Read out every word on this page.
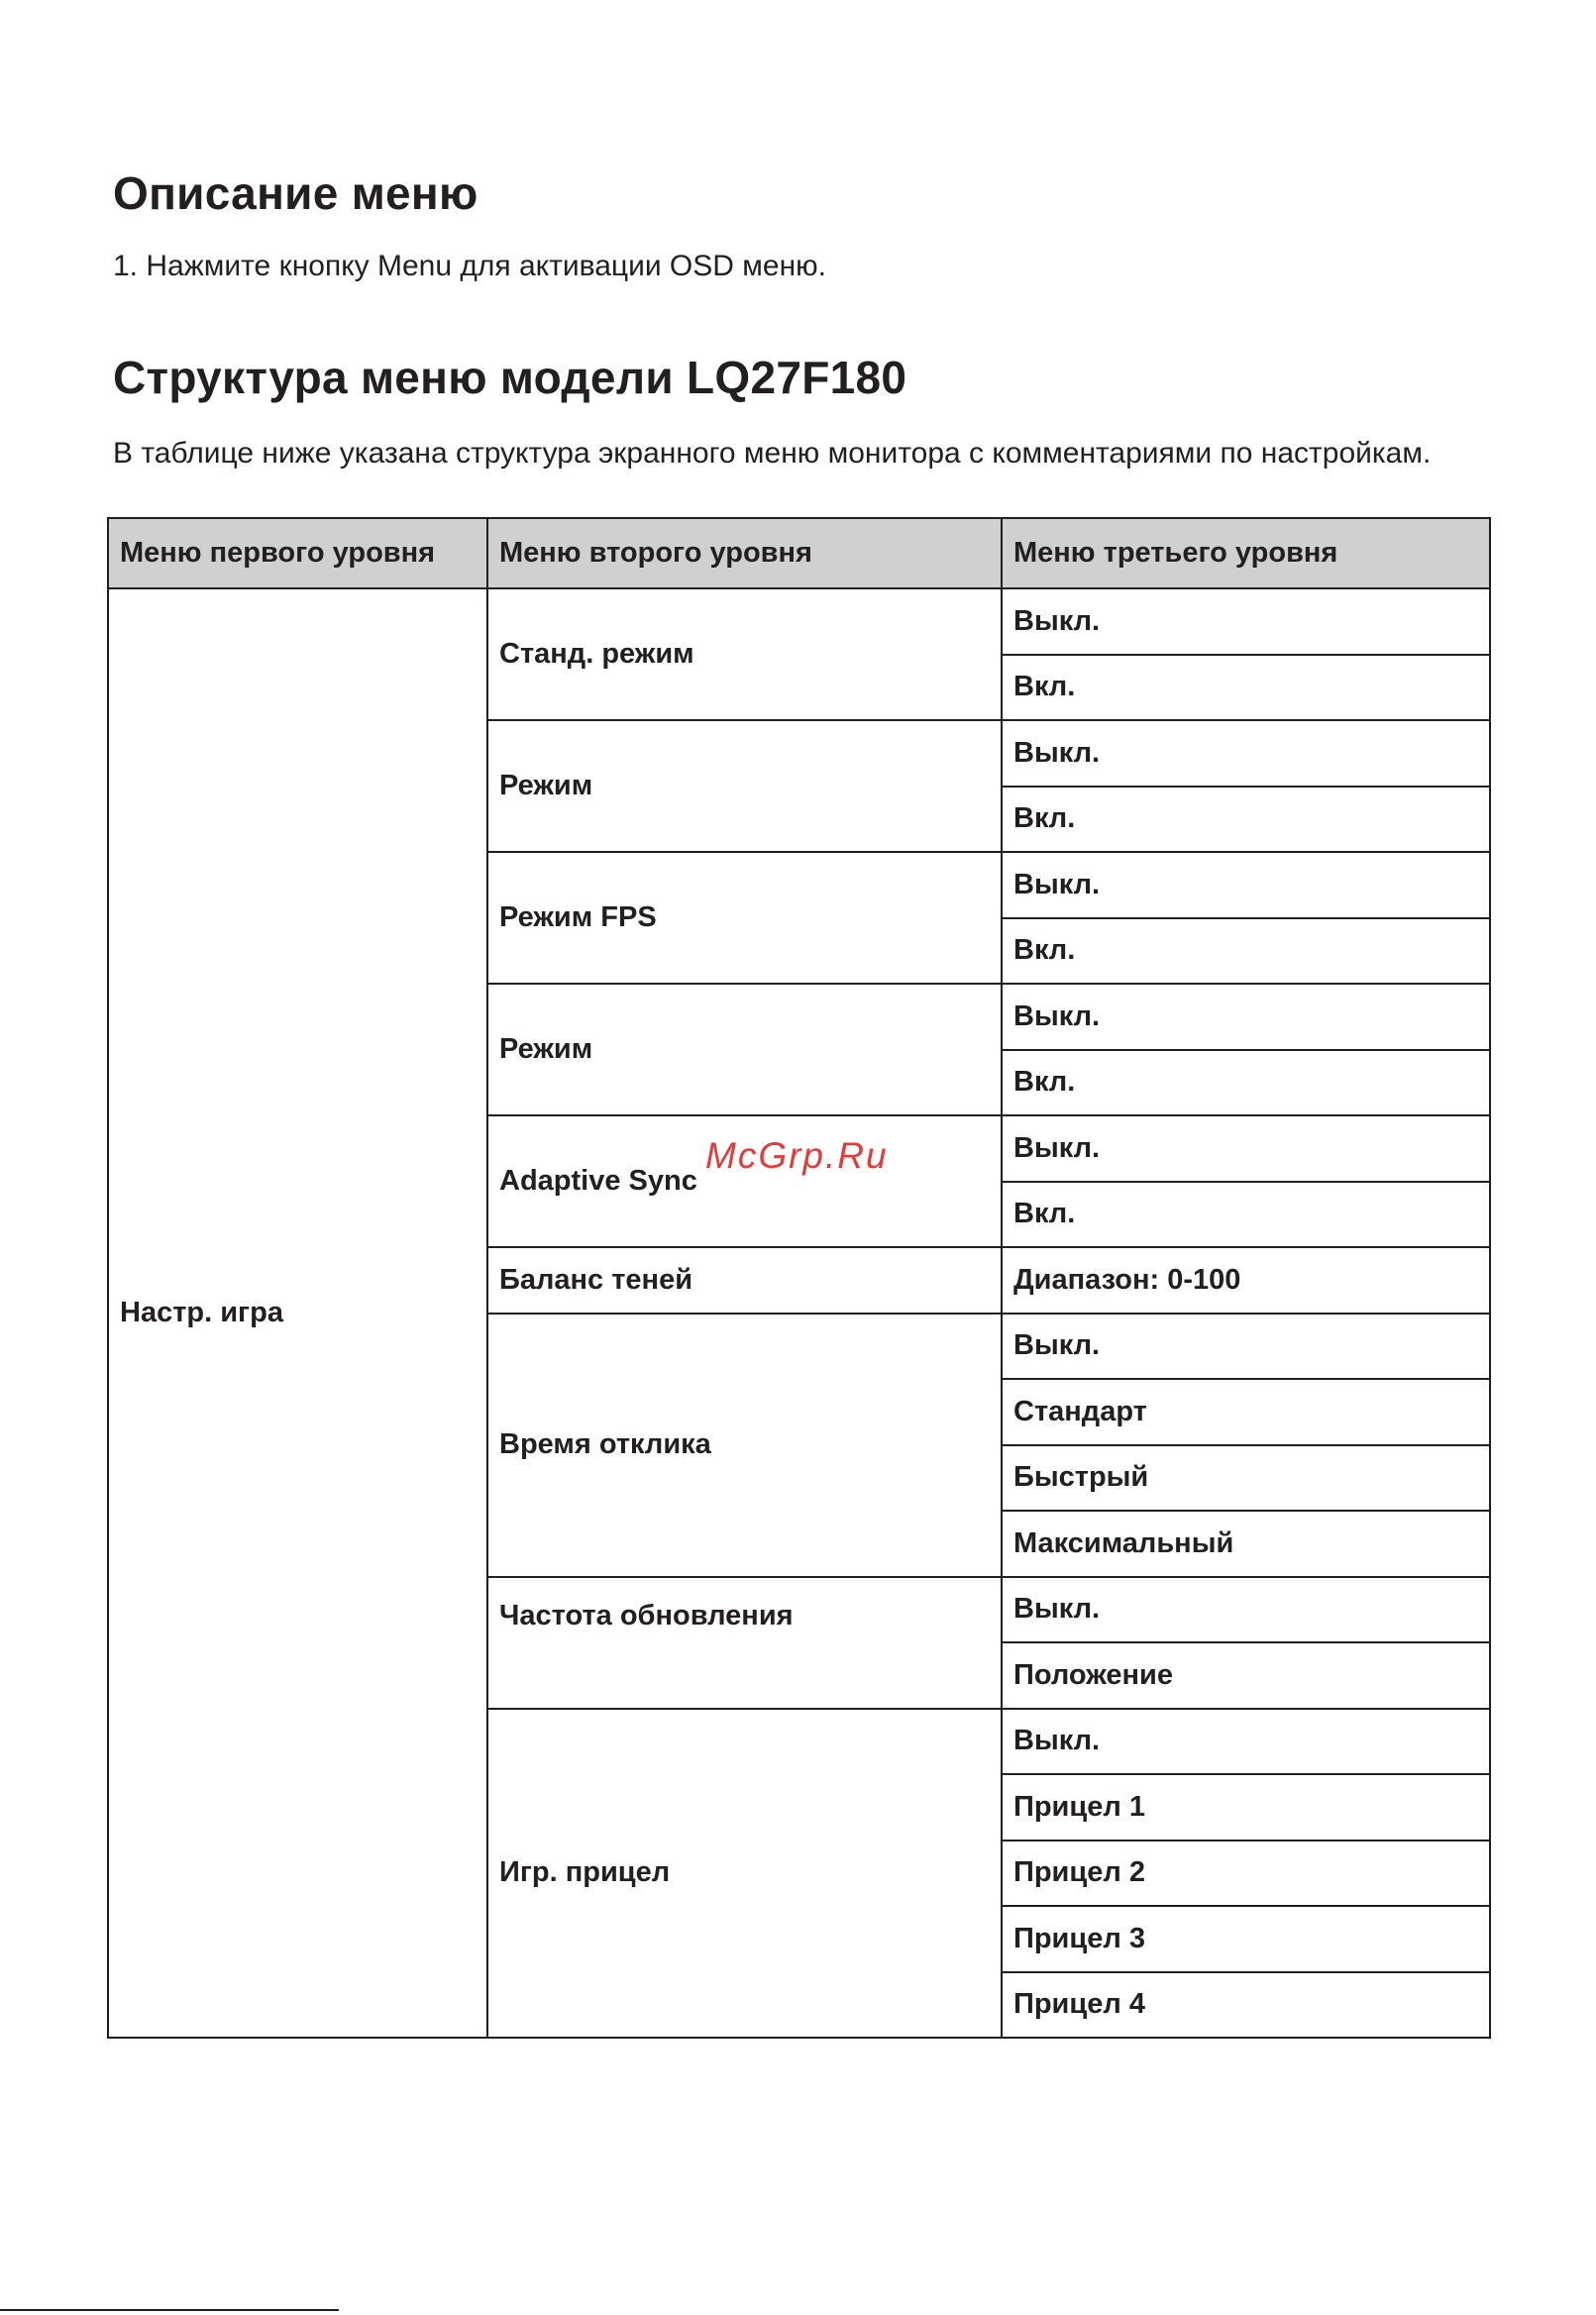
Описание меню

1. Нажмите кнопку Menu для активации OSD меню.

Структура меню модели LQ27F180

В таблице ниже указана структура экранного меню монитора с комментариями по настройкам.

Меню первого уровня	Меню второго уровня	Меню третьего уровня
Настр. игра	Станд. режим	Выкл.
		Вкл.
	Режим	Выкл.
		Вкл.
	Режим FPS	Выкл.
		Вкл.
	Режим	Выкл.
		Вкл.
	Adaptive Sync	Выкл.
		Вкл.
	Баланс теней	Диапазон: 0-100
	Время отклика	Выкл.
		Стандарт
		Быстрый
		Максимальный
	Частота обновления	Выкл.
		Положение
	Игр. прицел	Выкл.
		Прицел 1
		Прицел 2
		Прицел 3
		Прицел 4
McGrp.Ru
